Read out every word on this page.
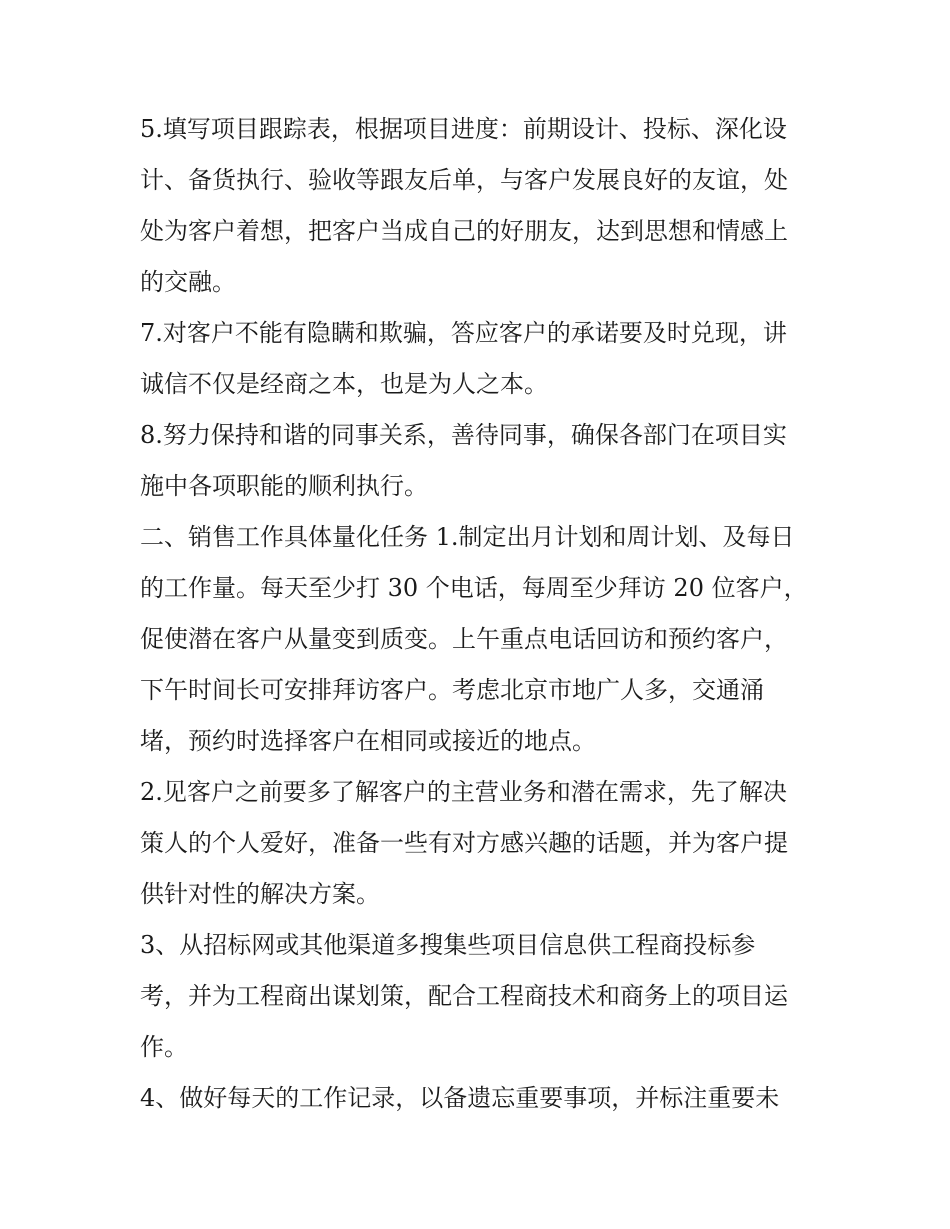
5.填写项目跟踪表，根据项目进度：前期设计、投标、深化设
计、备货执行、验收等跟友后单，与客户发展良好的友谊，处
处为客户着想，把客户当成自己的好朋友，达到思想和情感上
的交融。
7.对客户不能有隐瞒和欺骗，答应客户的承诺要及时兑现，讲
诚信不仅是经商之本，也是为人之本。
8.努力保持和谐的同事关系，善待同事，确保各部门在项目实
施中各项职能的顺利执行。
二、销售工作具体量化任务 1.制定出月计划和周计划、及每日
的工作量。每天至少打 30 个电话，每周至少拜访 20 位客户，
促使潜在客户从量变到质变。上午重点电话回访和预约客户，
下午时间长可安排拜访客户。考虑北京市地广人多，交通涌
堵，预约时选择客户在相同或接近的地点。
2.见客户之前要多了解客户的主营业务和潜在需求，先了解决
策人的个人爱好，准备一些有对方感兴趣的话题，并为客户提
供针对性的解决方案。
3、从招标网或其他渠道多搜集些项目信息供工程商投标参
考，并为工程商出谋划策，配合工程商技术和商务上的项目运
作。
4、做好每天的工作记录，以备遗忘重要事项，并标注重要未
